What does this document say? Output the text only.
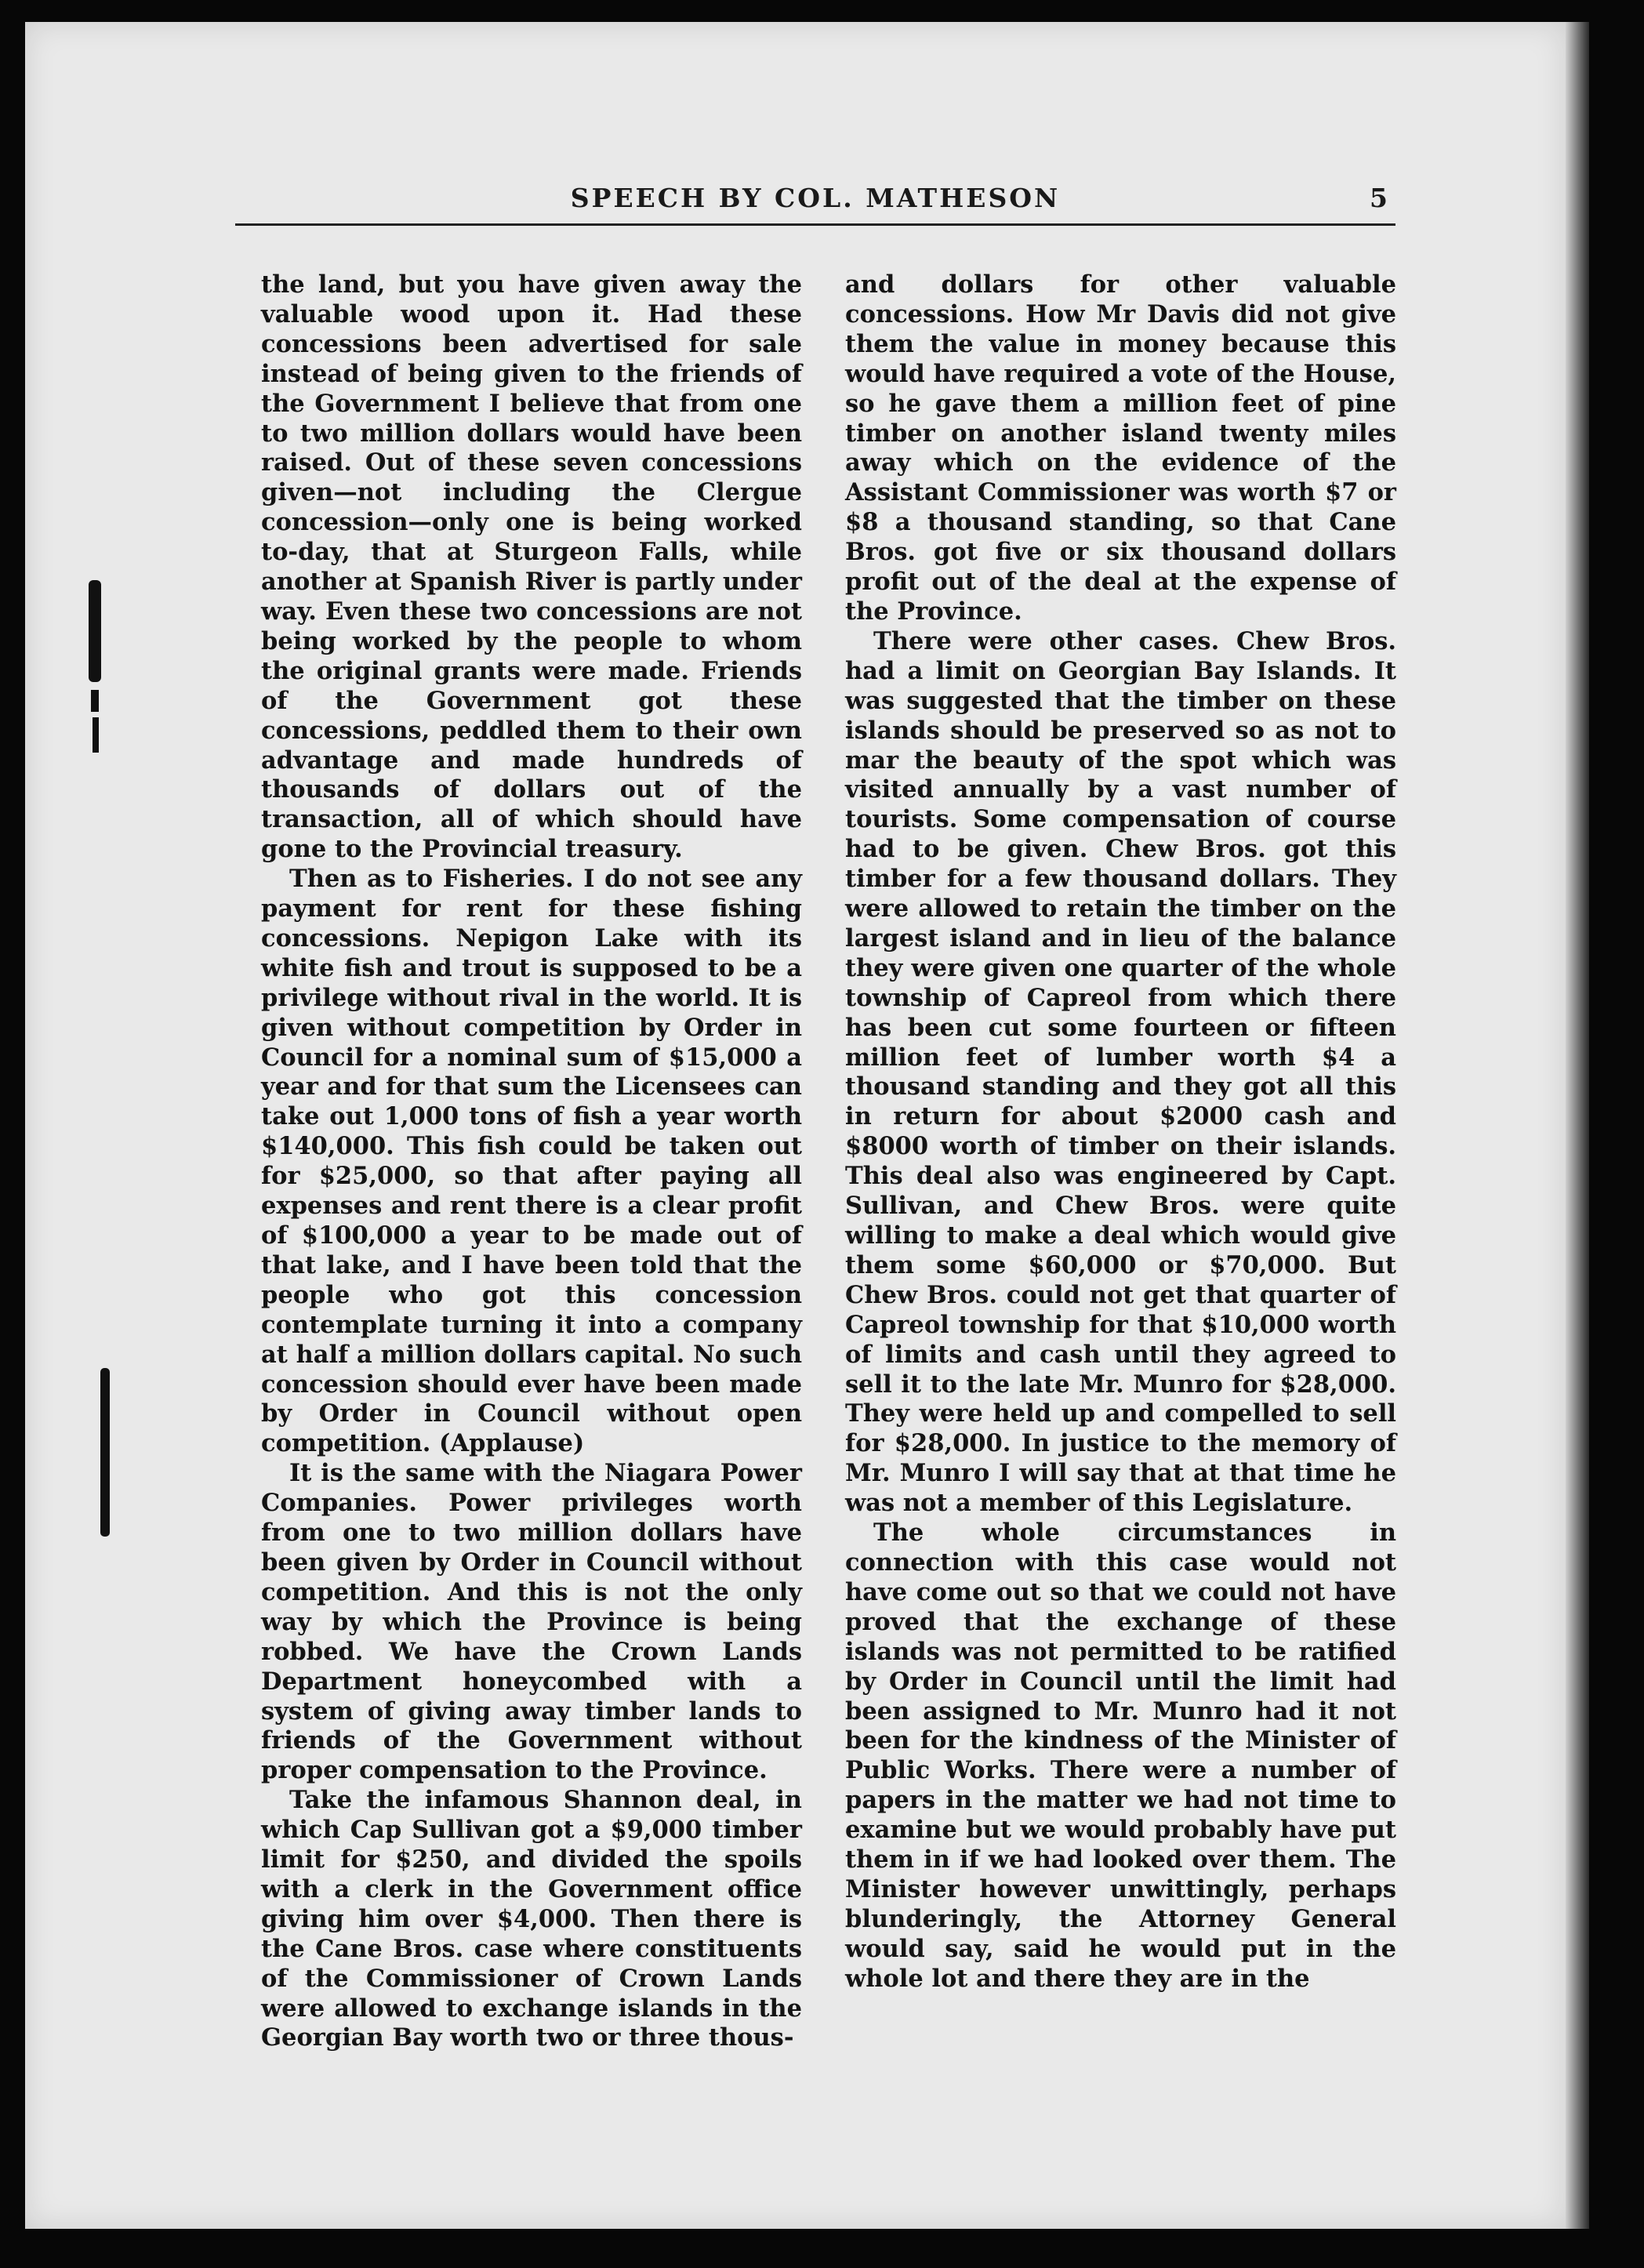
SPEECH BY COL. MATHESON	5

the land, but you have given away the valuable wood upon it. Had these concessions been advertised for sale instead of being given to the friends of the Government I believe that from one to two million dollars would have been raised. Out of these seven concessions given—not including the Clergue concession—only one is being worked to-day, that at Sturgeon Falls, while another at Spanish River is partly under way. Even these two concessions are not being worked by the people to whom the original grants were made. Friends of the Government got these concessions, peddled them to their own advantage and made hundreds of thousands of dollars out of the transaction, all of which should have gone to the Provincial treasury.

Then as to Fisheries. I do not see any payment for rent for these fishing concessions. Nepigon Lake with its white fish and trout is supposed to be a privilege without rival in the world. It is given without competition by Order in Council for a nominal sum of $15,000 a year and for that sum the Licensees can take out 1,000 tons of fish a year worth $140,000. This fish could be taken out for $25,000, so that after paying all expenses and rent there is a clear profit of $100,000 a year to be made out of that lake, and I have been told that the people who got this concession contemplate turning it into a company at half a million dollars capital. No such concession should ever have been made by Order in Council without open competition. (Applause)

It is the same with the Niagara Power Companies. Power privileges worth from one to two million dollars have been given by Order in Council without competition. And this is not the only way by which the Province is being robbed. We have the Crown Lands Department honeycombed with a system of giving away timber lands to friends of the Government without proper compensation to the Province.

Take the infamous Shannon deal, in which Cap Sullivan got a $9,000 timber limit for $250, and divided the spoils with a clerk in the Government office giving him over $4,000. Then there is the Cane Bros. case where constituents of the Commissioner of Crown Lands were allowed to exchange islands in the Georgian Bay worth two or three thous-

and dollars for other valuable concessions. How Mr Davis did not give them the value in money because this would have required a vote of the House, so he gave them a million feet of pine timber on another island twenty miles away which on the evidence of the Assistant Commissioner was worth $7 or $8 a thousand standing, so that Cane Bros. got five or six thousand dollars profit out of the deal at the expense of the Province.

There were other cases. Chew Bros. had a limit on Georgian Bay Islands. It was suggested that the timber on these islands should be preserved so as not to mar the beauty of the spot which was visited annually by a vast number of tourists. Some compensation of course had to be given. Chew Bros. got this timber for a few thousand dollars. They were allowed to retain the timber on the largest island and in lieu of the balance they were given one quarter of the whole township of Capreol from which there has been cut some fourteen or fifteen million feet of lumber worth $4 a thousand standing and they got all this in return for about $2000 cash and $8000 worth of timber on their islands. This deal also was engineered by Capt. Sullivan, and Chew Bros. were quite willing to make a deal which would give them some $60,000 or $70,000. But Chew Bros. could not get that quarter of Capreol township for that $10,000 worth of limits and cash until they agreed to sell it to the late Mr. Munro for $28,000. They were held up and compelled to sell for $28,000. In justice to the memory of Mr. Munro I will say that at that time he was not a member of this Legislature.

The whole circumstances in connection with this case would not have come out so that we could not have proved that the exchange of these islands was not permitted to be ratified by Order in Council until the limit had been assigned to Mr. Munro had it not been for the kindness of the Minister of Public Works. There were a number of papers in the matter we had not time to examine but we would probably have put them in if we had looked over them. The Minister however unwittingly, perhaps blunderingly, the Attorney General would say, said he would put in the whole lot and there they are in the
